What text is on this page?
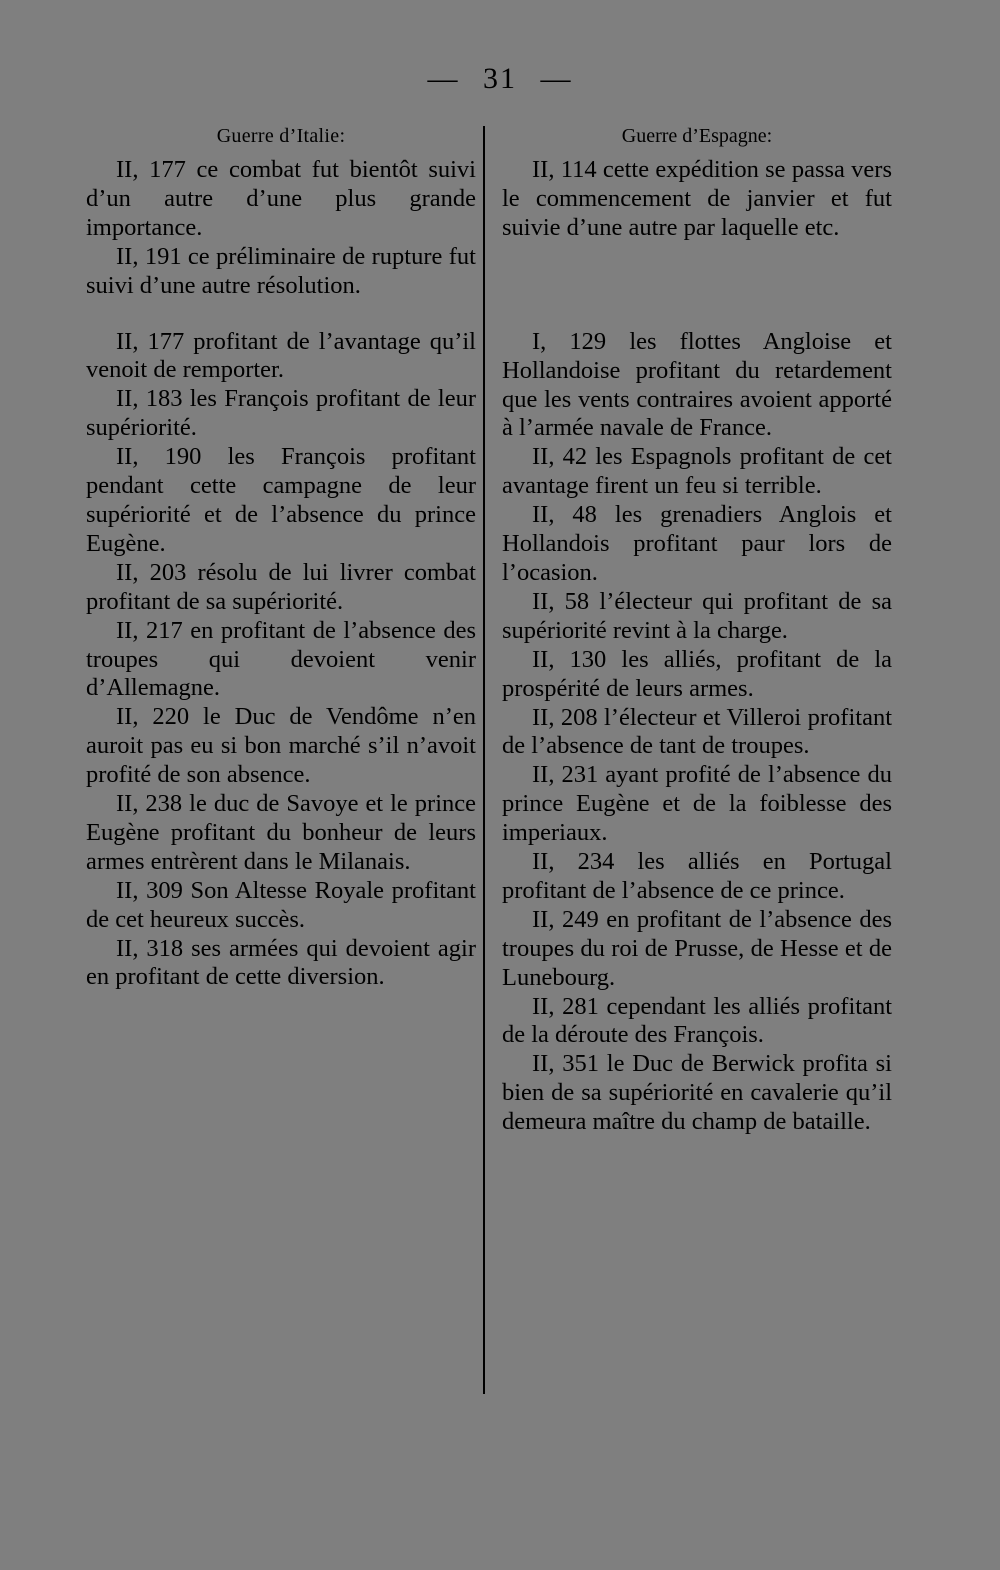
— 31 —
Guerre d’Italie:
II, 177 ce combat fut bientôt suivi d’un autre d’une plus grande importance.
II, 191 ce préliminaire de rupture fut suivi d’une autre résolution.
II, 177 profitant de l’avantage qu’il venoit de remporter.
II, 183 les François profitant de leur supériorité.
II, 190 les François profitant pendant cette campagne de leur supériorité et de l’absence du prince Eugène.
II, 203 résolu de lui livrer combat profitant de sa supériorité.
II, 217 en profitant de l’absence des troupes qui devoient venir d’Allemagne.
II, 220 le Duc de Vendôme n’en auroit pas eu si bon marché s’il n’avoit profité de son absence.
II, 238 le duc de Savoye et le prince Eugène profitant du bonheur de leurs armes entrèrent dans le Milanais.
II, 309 Son Altesse Royale profitant de cet heureux succès.
II, 318 ses armées qui devoient agir en profitant de cette diversion.
Guerre d’Espagne:
II, 114 cette expédition se passa vers le commencement de janvier et fut suivie d’une autre par laquelle etc.
I, 129 les flottes Angloise et Hollandoise profitant du retardement que les vents contraires avoient apporté à l’armée navale de France.
II, 42 les Espagnols profitant de cet avantage firent un feu si terrible.
II, 48 les grenadiers Anglois et Hollandois profitant paur lors de l’ocasion.
II, 58 l’électeur qui profitant de sa supériorité revint à la charge.
II, 130 les alliés, profitant de la prospérité de leurs armes.
II, 208 l’électeur et Villeroi profitant de l’absence de tant de troupes.
II, 231 ayant profité de l’absence du prince Eugène et de la foiblesse des imperiaux.
II, 234 les alliés en Portugal profitant de l’absence de ce prince.
II, 249 en profitant de l’absence des troupes du roi de Prusse, de Hesse et de Lunebourg.
II, 281 cependant les alliés profitant de la déroute des François.
II, 351 le Duc de Berwick profita si bien de sa supériorité en cavalerie qu’il demeura maître du champ de bataille.
